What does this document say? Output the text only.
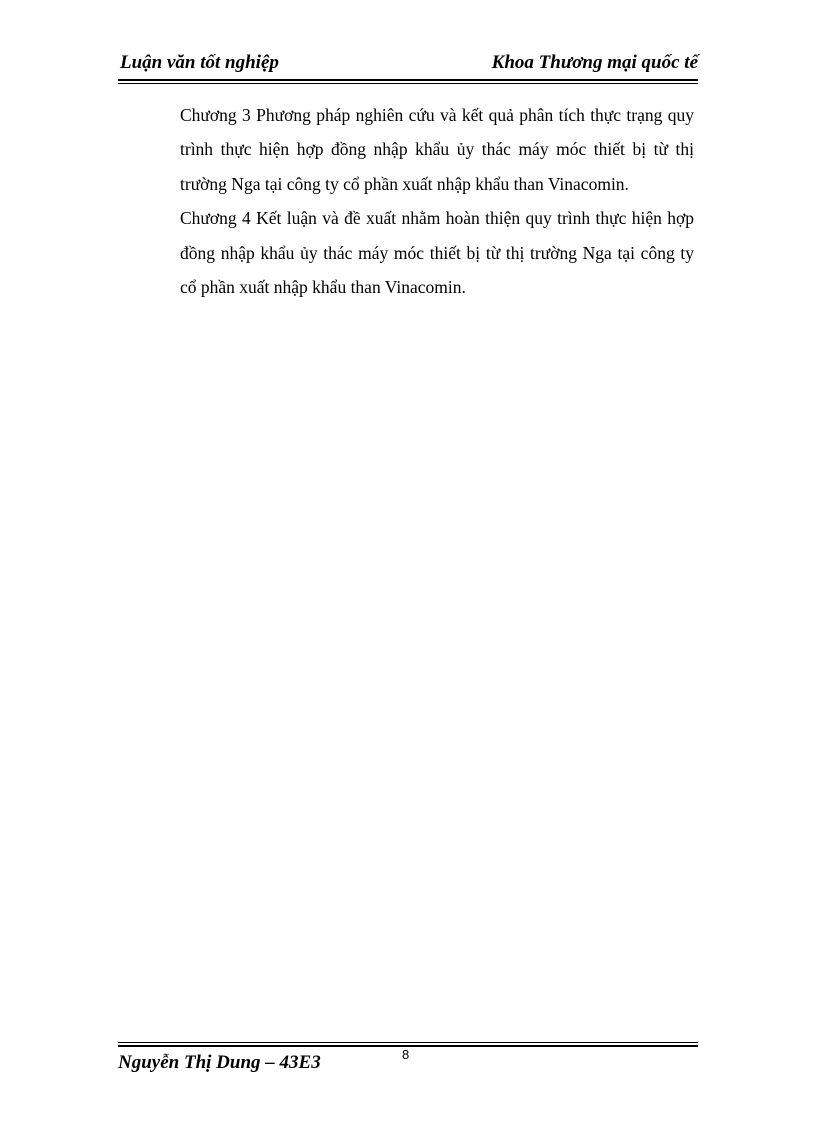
Luận văn tốt nghiệp	Khoa Thương mại quốc tế

Chương 3 Phương pháp nghiên cứu và kết quả phân tích thực trạng quy trình thực hiện hợp đồng nhập khẩu ủy thác máy móc thiết bị từ thị trường Nga tại công ty cổ phần xuất nhập khẩu than Vinacomin.

Chương 4 Kết luận và đề xuất nhằm hoàn thiện quy trình thực hiện hợp đồng nhập khẩu ủy thác máy móc thiết bị từ thị trường Nga tại công ty cổ phần xuất nhập khẩu than Vinacomin.

Nguyễn Thị Dung – 43E3	8
